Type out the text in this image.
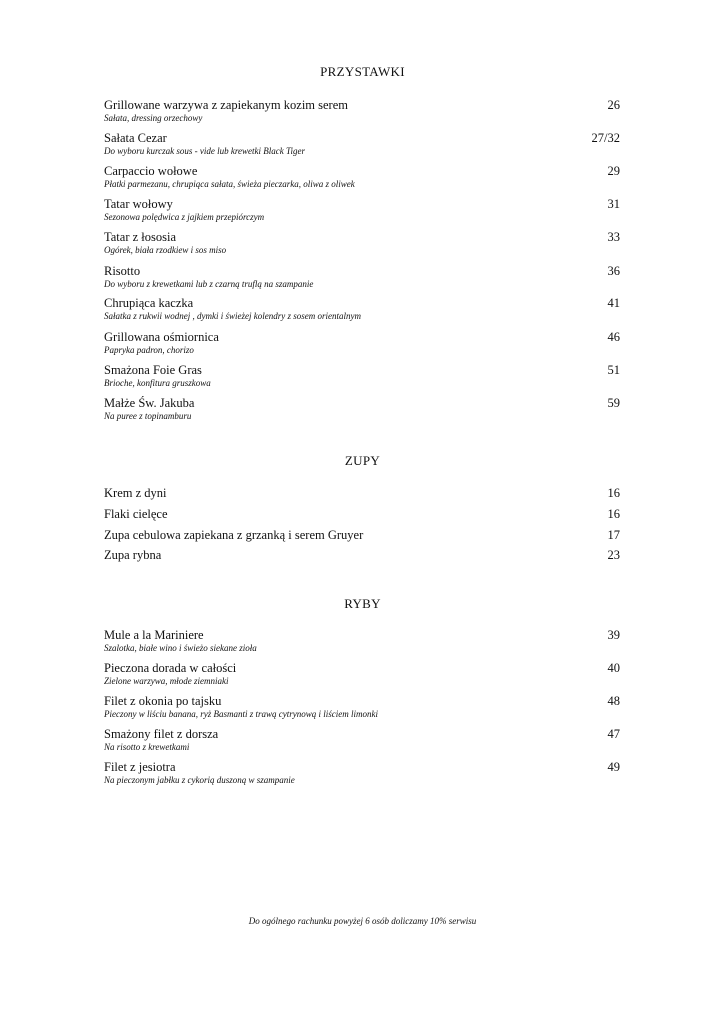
PRZYSTAWKI
Grillowane warzywa z zapiekanym kozim serem	26
Sałata, dressing orzechowy
Sałata Cezar	27/32
Do wyboru kurczak sous - vide lub krewetki Black Tiger
Carpaccio wołowe	29
Płatki parmezanu, chrupiąca sałata, świeża pieczarka, oliwa z oliwek
Tatar wołowy	31
Sezonowa polędwica z jajkiem przepiórczym
Tatar z łososia	33
Ogórek, biała rzodkiew i sos miso
Risotto	36
Do wyboru z krewetkami lub z czarną truflą na szampanie
Chrupiąca kaczka	41
Sałatka z rukwii wodnej , dymki i świeżej kolendry z sosem orientalnym
Grillowana ośmiornica	46
Papryka padron, chorizo
Smażona Foie Gras	51
Brioche, konfitura gruszkowa
Małże Św. Jakuba	59
Na puree z topinamburu
ZUPY
Krem z dyni	16
Flaki cielęce	16
Zupa cebulowa zapiekana z grzanką i serem Gruyer	17
Zupa rybna	23
RYBY
Mule a la Mariniere	39
Szalotka, białe wino i świeżo siekane zioła
Pieczona dorada w całości	40
Zielone warzywa, młode ziemniaki
Filet z okonia po tajsku	48
Pieczony w liściu banana, ryż Basmanti z trawą cytrynową i liściem limonki
Smażony filet z dorsza	47
Na risotto z krewetkami
Filet z jesiotra	49
Na pieczonym jabłku z cykorią duszoną w szampanie
Do ogólnego rachunku powyżej 6 osób doliczamy 10% serwisu
